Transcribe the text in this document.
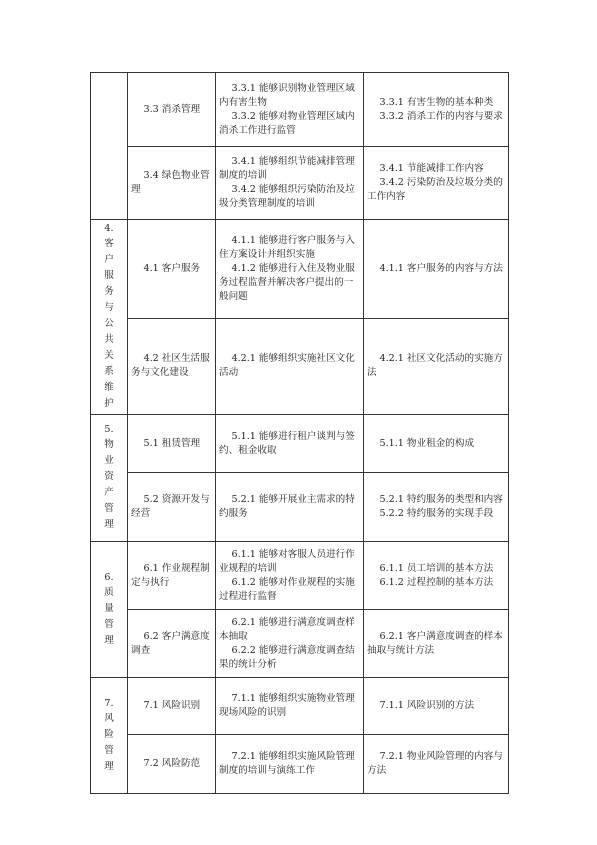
	3.3 消杀管理	3.3.1 能够识别物业管理区域内有害生物
3.3.2 能够对物业管理区域内消杀工作进行监管	3.3.1 有害生物的基本种类
3.3.2 消杀工作的内容与要求

	3.4 绿色物业管理	3.4.1 能够组织节能减排管理制度的培训
3.4.2 能够组织污染防治及垃圾分类管理制度的培训	3.4.1 节能减排工作内容
3.4.2 污染防治及垃圾分类的工作内容

4.
客户服务与公共关系维护	4.1 客户服务	4.1.1 能够进行客户服务与入住方案设计并组织实施
4.1.2 能够进行入住及物业服务过程监督并解决客户提出的一般问题	4.1.1 客户服务的内容与方法

	4.2 社区生活服务与文化建设	4.2.1 能够组织实施社区文化活动	4.2.1 社区文化活动的实施方法

5.
物业资产管理	5.1 租赁管理	5.1.1 能够进行租户谈判与签约、租金收取	5.1.1 物业租金的构成

	5.2 资源开发与经营	5.2.1 能够开展业主需求的特约服务	5.2.1 特约服务的类型和内容
5.2.2 特约服务的实现手段

6.
质量管理	6.1 作业规程制定与执行	6.1.1 能够对客服人员进行作业规程的培训
6.1.2 能够对作业规程的实施过程进行监督	6.1.1 员工培训的基本方法
6.1.2 过程控制的基本方法

	6.2 客户满意度调查	6.2.1 能够进行满意度调查样本抽取
6.2.2 能够进行满意度调查结果的统计分析	6.2.1 客户满意度调查的样本抽取与统计方法

7.
风险管理	7.1 风险识别	7.1.1 能够组织实施物业管理现场风险的识别	7.1.1 风险识别的方法

	7.2 风险防范	7.2.1 能够组织实施风险管理制度的培训与演练工作	7.2.1 物业风险管理的内容与方法
